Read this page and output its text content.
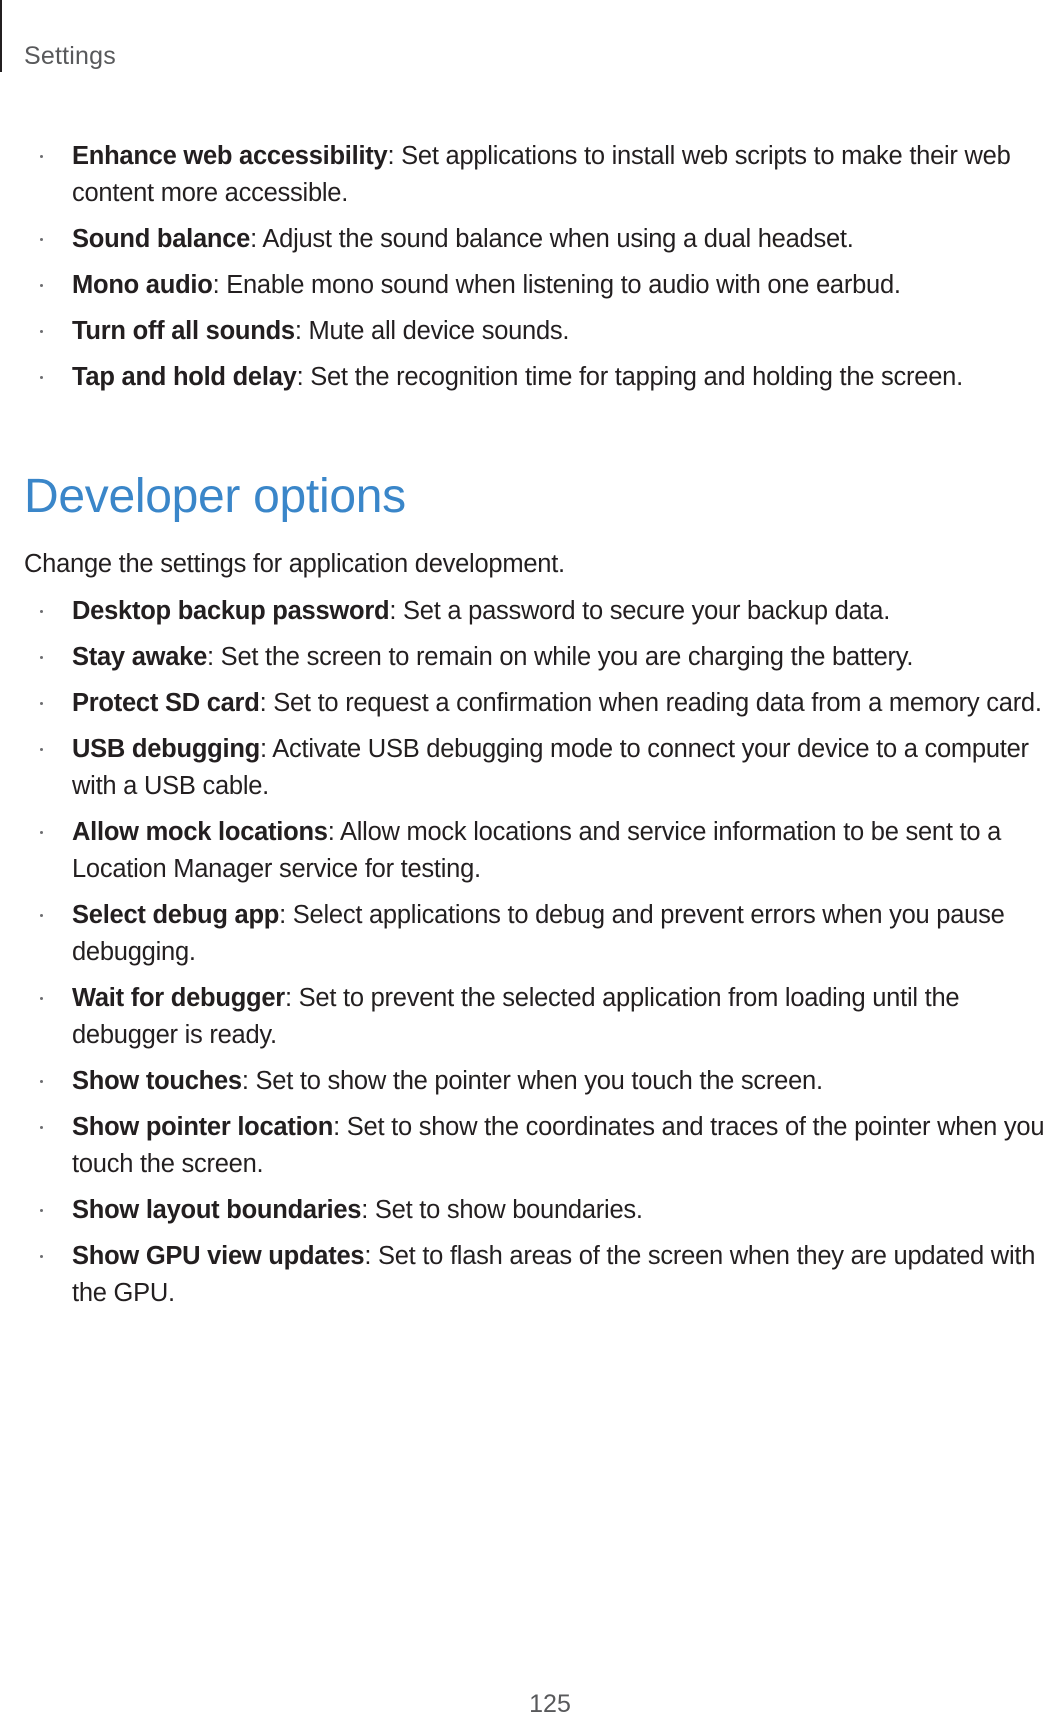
Settings
Enhance web accessibility: Set applications to install web scripts to make their web content more accessible.
Sound balance: Adjust the sound balance when using a dual headset.
Mono audio: Enable mono sound when listening to audio with one earbud.
Turn off all sounds: Mute all device sounds.
Tap and hold delay: Set the recognition time for tapping and holding the screen.
Developer options

Change the settings for application development.

Desktop backup password: Set a password to secure your backup data.
Stay awake: Set the screen to remain on while you are charging the battery.
Protect SD card: Set to request a confirmation when reading data from a memory card.
USB debugging: Activate USB debugging mode to connect your device to a computer with a USB cable.
Allow mock locations: Allow mock locations and service information to be sent to a Location Manager service for testing.
Select debug app: Select applications to debug and prevent errors when you pause debugging.
Wait for debugger: Set to prevent the selected application from loading until the debugger is ready.
Show touches: Set to show the pointer when you touch the screen.
Show pointer location: Set to show the coordinates and traces of the pointer when you touch the screen.
Show layout boundaries: Set to show boundaries.
Show GPU view updates: Set to flash areas of the screen when they are updated with the GPU.
125
